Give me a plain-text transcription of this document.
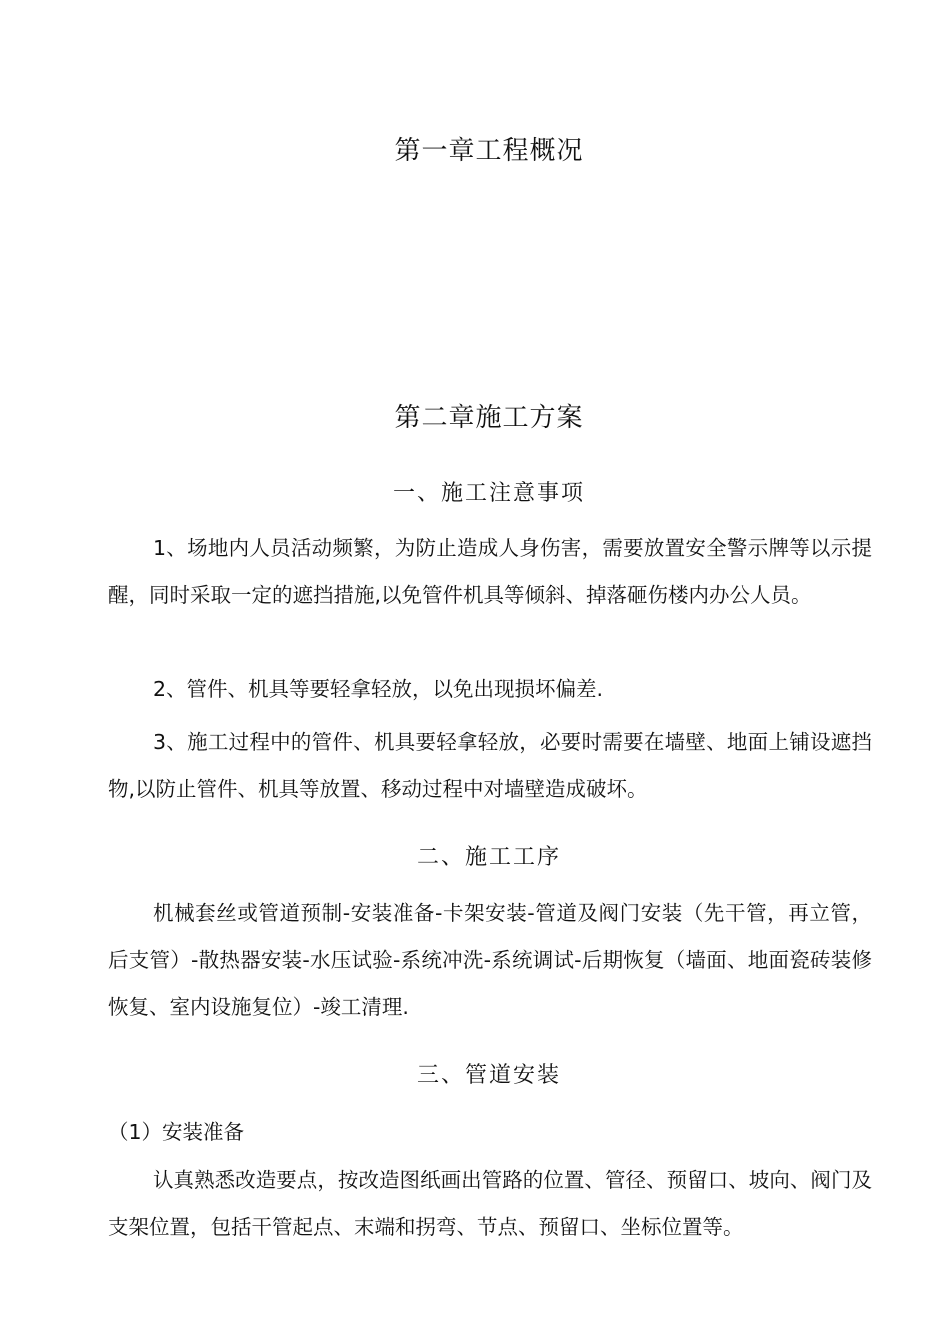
第一章工程概况
第二章施工方案
一、施工注意事项

1、场地内人员活动频繁，为防止造成人身伤害，需要放置安全警示牌等以示提醒，同时采取一定的遮挡措施,以免管件机具等倾斜、掉落砸伤楼内办公人员。

2、管件、机具等要轻拿轻放，以免出现损坏偏差.

3、施工过程中的管件、机具要轻拿轻放，必要时需要在墙壁、地面上铺设遮挡物,以防止管件、机具等放置、移动过程中对墙壁造成破坏。

二、施工工序

机械套丝或管道预制-安装准备-卡架安装-管道及阀门安装（先干管，再立管，后支管）-散热器安装-水压试验-系统冲洗-系统调试-后期恢复（墙面、地面瓷砖装修恢复、室内设施复位）-竣工清理.

三、管道安装

（1）安装准备

认真熟悉改造要点，按改造图纸画出管路的位置、管径、预留口、坡向、阀门及支架位置，包括干管起点、末端和拐弯、节点、预留口、坐标位置等。
